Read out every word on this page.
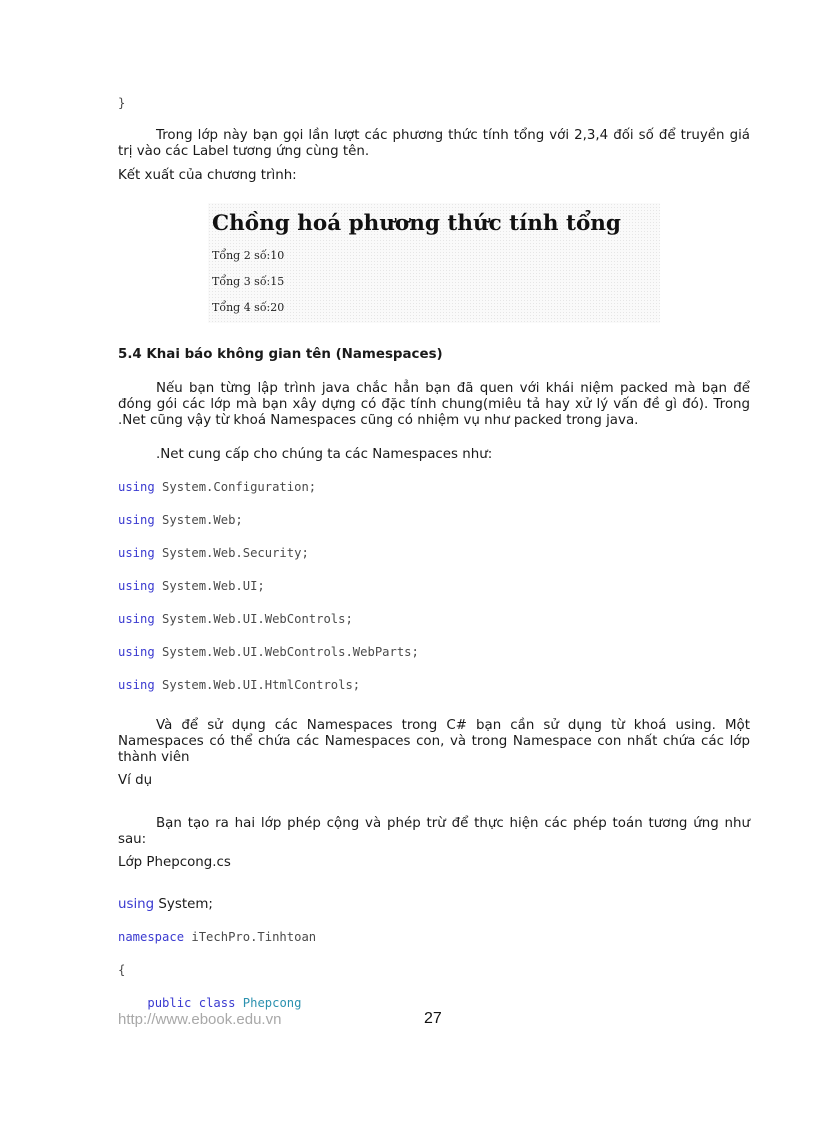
}
Trong lớp này bạn gọi lần lượt các phương thức tính tổng với 2,3,4 đối số để truyền giá trị vào các Label tương ứng cùng tên.
Kết xuất của chương trình:
Chồng hoá phương thức tính tổng
Tổng 2 số:10
Tổng 3 số:15
Tổng 4 số:20
5.4 Khai báo không gian tên (Namespaces)
Nếu bạn từng lập trình java chắc hẳn bạn đã quen với khái niệm packed mà bạn để đóng gói các lớp mà bạn xây dựng có đặc tính chung(miêu tả hay xử lý vấn đề gì đó). Trong .Net cũng vậy từ khoá Namespaces cũng có nhiệm vụ như packed trong java.
.Net cung cấp cho chúng ta các Namespaces như:
using System.Configuration;
using System.Web;
using System.Web.Security;
using System.Web.UI;
using System.Web.UI.WebControls;
using System.Web.UI.WebControls.WebParts;
using System.Web.UI.HtmlControls;
Và để sử dụng các Namespaces trong C# bạn cần sử dụng từ khoá using. Một Namespaces có thể chứa các Namespaces con, và trong Namespace con nhất chứa các lớp thành viên
Ví dụ
Bạn tạo ra hai lớp phép cộng và phép trừ để thực hiện các phép toán tương ứng như sau:
Lớp Phepcong.cs
using System;
namespace iTechPro.Tinhtoan
{
public class Phepcong
http://www.ebook.edu.vn	27
